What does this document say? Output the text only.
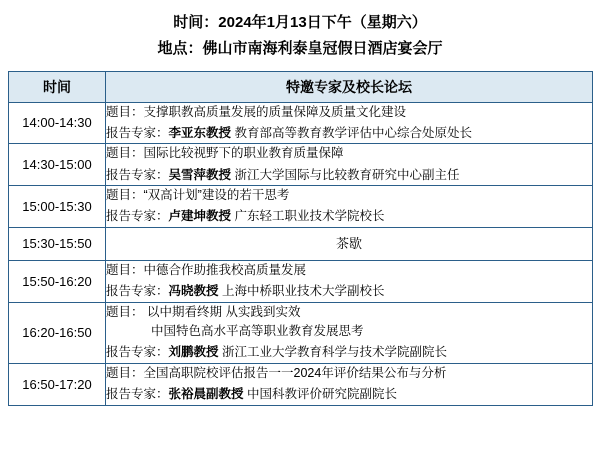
时间：2024年1月13日下午（星期六）
地点：佛山市南海利泰皇冠假日酒店宴会厅
时间	特邀专家及校长论坛
14:00-14:30	题目：支撑职教高质量发展的质量保障及质量文化建设
报告专家：李亚东教授 教育部高等教育教学评估中心综合处原处长

14:30-15:00	题目：国际比较视野下的职业教育质量保障
报告专家：吴雪萍教授 浙江大学国际与比较教育研究中心副主任

15:00-15:30	题目：“双高计划”建设的若干思考
报告专家：卢建坤教授 广东轻工职业技术学院校长

15:30-15:50	茶歇
15:50-16:20	题目：中德合作助推我校高质量发展
报告专家：冯晓教授 上海中桥职业技术大学副校长

16:20-16:50	题目： 以中期看终期 从实践到实效
中国特色高水平高等职业教育发展思考
报告专家：刘鹏教授 浙江工业大学教育科学与技术学院副院长

16:50-17:20	题目：全国高职院校评估报告一一2024年评价结果公布与分析
报告专家：张裕晨副教授 中国科教评价研究院副院长
